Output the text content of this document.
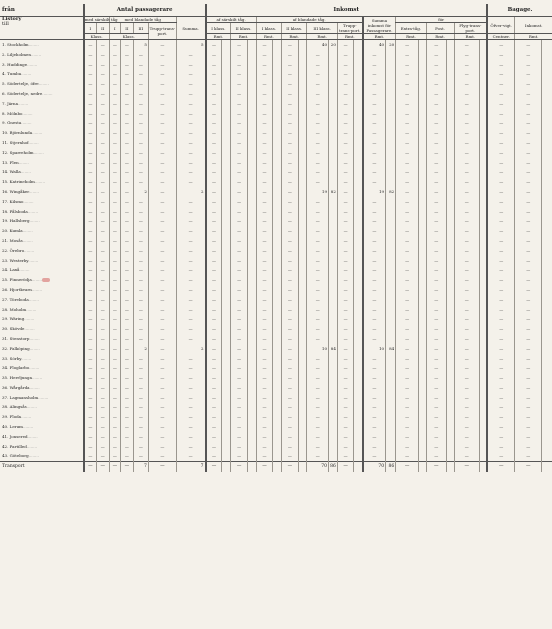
från	Antal passagerare							Inkomst																				Bagage.		
Listory
till	med särskilt tåg		med blandade tåg				Summa.	af särskilt tåg.				af blandade tåg.								Summa inkomst för Passagerare.		för						Öfver-vigt.	Inkomst.	
	I	II	I	II	III	Trupp-trans-port.		I klass.		II klass.		I klass.		II klass.		III klass.		Trupp-trans-port.				Extra-tåg.		Post.		Flyg-trans-port.				
	Klass.		Klass.					Rmt.		Rmt.		Rmt.		Rmt.		Rmt.		Rmt.		Rmt.		Rmt.		Rmt.		Rmt.		Centner.	Rmt.	
1. Stockholm........	—	—	—	—	5	—	5	—		—		—		—		40	20	—		40	20	—		—		—		—	—	
2. Liljeholmen........	—	—	—	—	—	—	—	—		—		—		—		—		—		—		—		—		—		—	—	
3. Huddinge........	—	—	—	—	—	—	—	—		—		—		—		—		—		—		—		—		—		—	—	
4. Tumba........	—	—	—	—	—	—	—	—		—		—		—		—		—		—		—		—		—		—	—	
5. Södertelje, öfre........	—	—	—	—	—	—	—	—		—		—		—		—		—		—		—		—		—		—	—	
6. Södertelje, nedre........	—	—	—	—	—	—	—	—		—		—		—		—		—		—		—		—		—		—	—	
7. Järna........	—	—	—	—	—	—	—	—		—		—		—		—		—		—		—		—		—		—	—	
8. Mölnbo........	—	—	—	—	—	—	—	—		—		—		—		—		—		—		—		—		—		—	—	
9. Gnesta........	—	—	—	—	—	—	—	—		—		—		—		—		—		—		—		—		—		—	—	
10. Björnlunda........	—	—	—	—	—	—	—	—		—		—		—		—		—		—		—		—		—		—	—	
11. Stjernhof........	—	—	—	—	—	—	—	—		—		—		—		—		—		—		—		—		—		—	—	
12. Sparreholm........	—	—	—	—	—	—	—	—		—		—		—		—		—		—		—		—		—		—	—	
13. Flen........	—	—	—	—	—	—	—	—		—		—		—		—		—		—		—		—		—		—	—	
14. Walla........	—	—	—	—	—	—	—	—		—		—		—		—		—		—		—		—		—		—	—	
15. Katrineholm........	—	—	—	—	—	—	—	—		—		—		—		—		—		—		—		—		—		—	—	
16. Wingåker........	—	—	—	—	2	—	2	—		—		—		—		19	82	—		19	82	—		—		—		—	—	
17. Kilsmo........	—	—	—	—	—	—	—	—		—		—		—		—		—		—		—		—		—		—	—	
18. Pålsboda........	—	—	—	—	—	—	—	—		—		—		—		—		—		—		—		—		—		—	—	
19. Hallsberg........	—	—	—	—	—	—	—	—		—		—		—		—		—		—		—		—		—		—	—	
20. Kumla........	—	—	—	—	—	—	—	—		—		—		—		—		—		—		—		—		—		—	—	
21. Mosås........	—	—	—	—	—	—	—	—		—		—		—		—		—		—		—		—		—		—	—	
22. Örebro........	—	—	—	—	—	—	—	—		—		—		—		—		—		—		—		—		—		—	—	
23. Westerby........	—	—	—	—	—	—	—	—		—		—		—		—		—		—		—		—		—		—	—	
24. Laxå........	—	—	—	—	—	—	—	—		—		—		—		—		—		—		—		—		—		—	—	
25. Finnerödja........	—	—	—	—	—	—	—	—		—		—		—		—		—		—		—		—		—		—	—	
26. Hjortkvarn........	—	—	—	—	—	—	—	—		—		—		—		—		—		—		—		—		—		—	—	
27. Töreboda........	—	—	—	—	—	—	—	—		—		—		—		—		—		—		—		—		—		—	—	
28. Moholm........	—	—	—	—	—	—	—	—		—		—		—		—		—		—		—		—		—		—	—	
29. Wäring........	—	—	—	—	—	—	—	—		—		—		—		—		—		—		—		—		—		—	—	
30. Skövde........	—	—	—	—	—	—	—	—		—		—		—		—		—		—		—		—		—		—	—	
31. Stenstorp........	—	—	—	—	—	—	—	—		—		—		—		—		—		—		—		—		—		—	—	
32. Falköping........	—	—	—	—	2	—	2	—		—		—		—		10	84	—		10	84	—		—		—		—	—	
33. Sörby........	—	—	—	—	—	—	—	—		—		—		—		—		—		—		—		—		—		—	—	
34. Floglarbo........	—	—	—	—	—	—	—	—		—		—		—		—		—		—		—		—		—		—	—	
35. Herrljunga........	—	—	—	—	—	—	—	—		—		—		—		—		—		—		—		—		—		—	—	
36. Wårgårda........	—	—	—	—	—	—	—	—		—		—		—		—		—		—		—		—		—		—	—	
37. Lagmansholm........	—	—	—	—	—	—	—	—		—		—		—		—		—		—		—		—		—		—	—	
38. Alingsås........	—	—	—	—	—	—	—	—		—		—		—		—		—		—		—		—		—		—	—	
39. Floda........	—	—	—	—	—	—	—	—		—		—		—		—		—		—		—		—		—		—	—	
40. Lerum........	—	—	—	—	—	—	—	—		—		—		—		—		—		—		—		—		—		—	—	
41. Jonsered........	—	—	—	—	—	—	—	—		—		—		—		—		—		—		—		—		—		—	—	
42. Partilled........	—	—	—	—	—	—	—	—		—		—		—		—		—		—		—		—		—		—	—	
43. Göteborg........	—	—	—	—	—	—	—	—		—		—		—		—		—		—		—		—		—		—	—	
Transport	—	—	—	—	7	—	7	—		—		—		—		70	86	—		70	86	—		—		—		—	—	
